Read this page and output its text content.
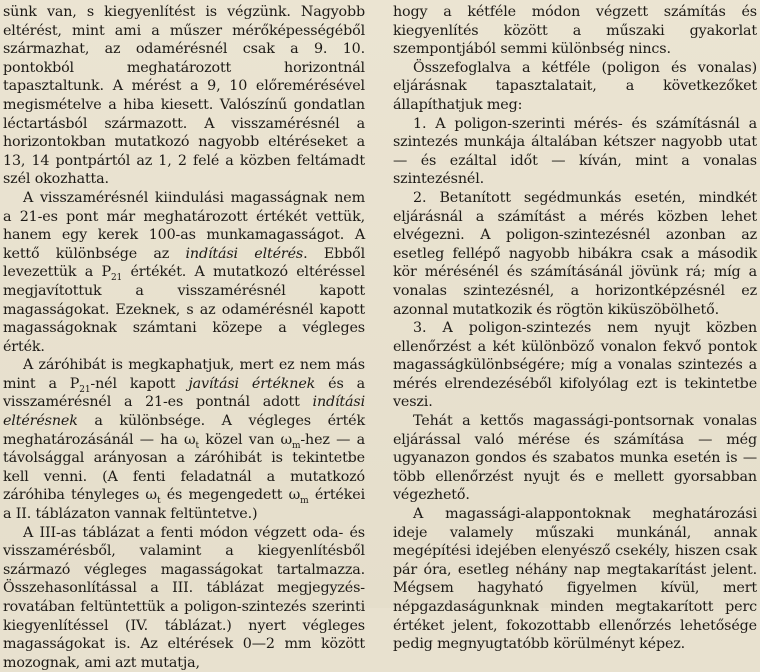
sünk van, s kiegyenlítést is végzünk. Nagyobb eltérést, mint ami a műszer mérőképességéből származhat, az odamérésnél csak a 9. 10. pontokból meghatározott horizontnál tapasztaltunk. A mérést a 9, 10 előremérésével megismételve a hiba kiesett. Valószínű gondatlan léctartásból származott. A visszamérésnél a horizontokban mutatkozó nagyobb eltéréseket a 13, 14 pontpártól az 1, 2 felé a közben feltámadt szél okozhatta.

A visszamérésnél kiindulási magasságnak nem a 21-es pont már meghatározott értékét vettük, hanem egy kerek 100-as munkamagasságot. A kettő különbsége az indítási eltérés. Ebből levezettük a $P_{21}$ értékét. A mutatkozó eltéréssel megjavítottuk a visszamérésnél kapott magasságokat. Ezeknek, s az odamérésnél kapott magasságoknak számtani közepe a végleges érték.

A záróhibát is megkaphatjuk, mert ez nem más mint a $P_{21}$-nél kapott javítási értéknek és a visszamérésnél a 21-es pontnál adott indítási eltérésnek a különbsége. A végleges érték meghatározásánál — ha $\omega_t$ közel van $\omega_m$-hez — a távolsággal arányosan a záróhibát is tekintetbe kell venni. (A fenti feladatnál a mutatkozó záróhiba tényleges $\omega_t$ és megengedett $\omega_m$ értékei a II. táblázaton vannak feltüntetve.)

A III-as táblázat a fenti módon végzett oda- és visszamérésből, valamint a kiegyenlítésből származó végleges magasságokat tartalmazza. Összehasonlítással a III. táblázat megjegyzés-rovatában feltüntettük a poligon-szintezés szerinti kiegyenlítéssel (IV. táblázat.) nyert végleges magasságokat is. Az eltérések 0—2 mm között mozognak, ami azt mutatja,

hogy a kétféle módon végzett számítás és kiegyenlítés között a műszaki gyakorlat szempontjából semmi különbség nincs.

Összefoglalva a kétféle (poligon és vonalas) eljárásnak tapasztalatait, a következőket állapíthatjuk meg:

1. A poligon-szerinti mérés- és számításnál a szintezés munkája általában kétszer nagyobb utat — és ezáltal időt — kíván, mint a vonalas szintezésnél.

2. Betanított segédmunkás esetén, mindkét eljárásnál a számítást a mérés közben lehet elvégezni. A poligon-szintezésnél azonban az esetleg fellépő nagyobb hibákra csak a második kör mérésénél és számításánál jövünk rá; míg a vonalas szintezésnél, a horizontképzésnél ez azonnal mutatkozik és rögtön kiküszöbölhető.

3. A poligon-szintezés nem nyujt közben ellenőrzést a két különböző vonalon fekvő pontok magasságkülönbségére; míg a vonalas szintezés a mérés elrendezéséből kifolyólag ezt is tekintetbe veszi.

Tehát a kettős magassági-pontsornak vonalas eljárással való mérése és számítása — még ugyanazon gondos és szabatos munka esetén is — több ellenőrzést nyujt és e mellett gyorsabban végezhető.

A magassági-alappontoknak meghatározási ideje valamely műszaki munkánál, annak megépítési idejében elenyésző csekély, hiszen csak pár óra, esetleg néhány nap megtakarítást jelent. Mégsem hagyható figyelmen kívül, mert népgazdaságunknak minden megtakarított perc értéket jelent, fokozottabb ellenőrzés lehetősége pedig megnyugtatóbb körülményt képez.
